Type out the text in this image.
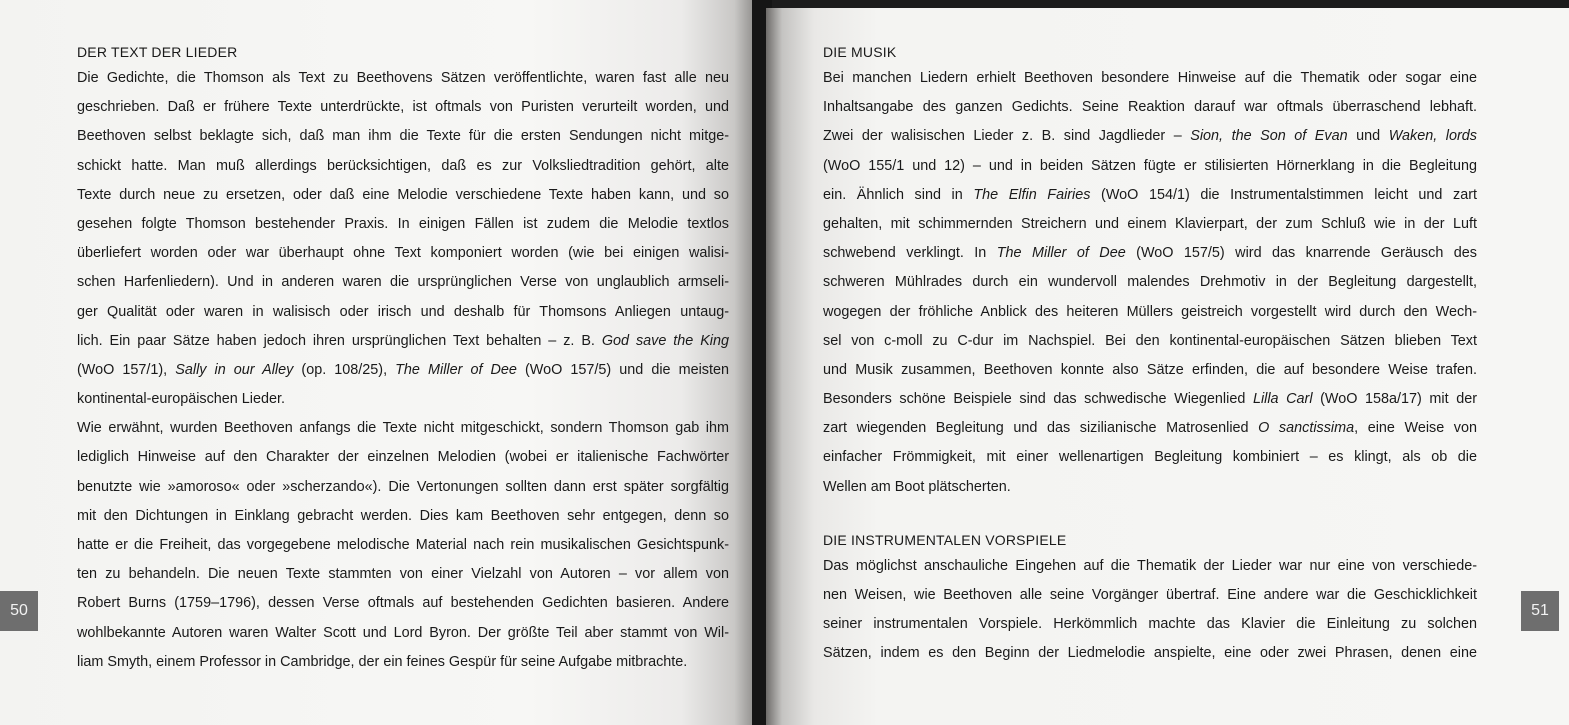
DER TEXT DER LIEDER
Die Gedichte, die Thomson als Text zu Beethovens Sätzen veröffentlichte, waren fast alle neu
geschrieben. Daß er frühere Texte unterdrückte, ist oftmals von Puristen verurteilt worden, und
Beethoven selbst beklagte sich, daß man ihm die Texte für die ersten Sendungen nicht mitge-
schickt hatte. Man muß allerdings berücksichtigen, daß es zur Volksliedtradition gehört, alte
Texte durch neue zu ersetzen, oder daß eine Melodie verschiedene Texte haben kann, und so
gesehen folgte Thomson bestehender Praxis. In einigen Fällen ist zudem die Melodie textlos
überliefert worden oder war überhaupt ohne Text komponiert worden (wie bei einigen walisi-
schen Harfenliedern). Und in anderen waren die ursprünglichen Verse von unglaublich armseli-
ger Qualität oder waren in walisisch oder irisch und deshalb für Thomsons Anliegen untaug-
lich. Ein paar Sätze haben jedoch ihren ursprünglichen Text behalten – z. B. God save the King
(WoO 157/1), Sally in our Alley (op. 108/25), The Miller of Dee (WoO 157/5) und die meisten
kontinental-europäischen Lieder.
Wie erwähnt, wurden Beethoven anfangs die Texte nicht mitgeschickt, sondern Thomson gab ihm
lediglich Hinweise auf den Charakter der einzelnen Melodien (wobei er italienische Fachwörter
benutzte wie »amoroso« oder »scherzando«). Die Vertonungen sollten dann erst später sorgfältig
mit den Dichtungen in Einklang gebracht werden. Dies kam Beethoven sehr entgegen, denn so
hatte er die Freiheit, das vorgegebene melodische Material nach rein musikalischen Gesichtspunk-
ten zu behandeln. Die neuen Texte stammten von einer Vielzahl von Autoren – vor allem von
Robert Burns (1759–1796), dessen Verse oftmals auf bestehenden Gedichten basieren. Andere
wohlbekannte Autoren waren Walter Scott und Lord Byron. Der größte Teil aber stammt von Wil-
liam Smyth, einem Professor in Cambridge, der ein feines Gespür für seine Aufgabe mitbrachte.
50
DIE MUSIK
Bei manchen Liedern erhielt Beethoven besondere Hinweise auf die Thematik oder sogar eine
Inhaltsangabe des ganzen Gedichts. Seine Reaktion darauf war oftmals überraschend lebhaft.
Zwei der walisischen Lieder z. B. sind Jagdlieder – Sion, the Son of Evan und Waken, lords
(WoO 155/1 und 12) – und in beiden Sätzen fügte er stilisierten Hörnerklang in die Begleitung
ein. Ähnlich sind in The Elfin Fairies (WoO 154/1) die Instrumentalstimmen leicht und zart
gehalten, mit schimmernden Streichern und einem Klavierpart, der zum Schluß wie in der Luft
schwebend verklingt. In The Miller of Dee (WoO 157/5) wird das knarrende Geräusch des
schweren Mühlrades durch ein wundervoll malendes Drehmotiv in der Begleitung dargestellt,
wogegen der fröhliche Anblick des heiteren Müllers geistreich vorgestellt wird durch den Wech-
sel von c-moll zu C-dur im Nachspiel. Bei den kontinental-europäischen Sätzen blieben Text
und Musik zusammen, Beethoven konnte also Sätze erfinden, die auf besondere Weise trafen.
Besonders schöne Beispiele sind das schwedische Wiegenlied Lilla Carl (WoO 158a/17) mit der
zart wiegenden Begleitung und das sizilianische Matrosenlied O sanctissima, eine Weise von
einfacher Frömmigkeit, mit einer wellenartigen Begleitung kombiniert – es klingt, als ob die
Wellen am Boot plätscherten.
DIE INSTRUMENTALEN VORSPIELE
Das möglichst anschauliche Eingehen auf die Thematik der Lieder war nur eine von verschiede-
nen Weisen, wie Beethoven alle seine Vorgänger übertraf. Eine andere war die Geschicklichkeit
seiner instrumentalen Vorspiele. Herkömmlich machte das Klavier die Einleitung zu solchen
Sätzen, indem es den Beginn der Liedmelodie anspielte, eine oder zwei Phrasen, denen eine
51
